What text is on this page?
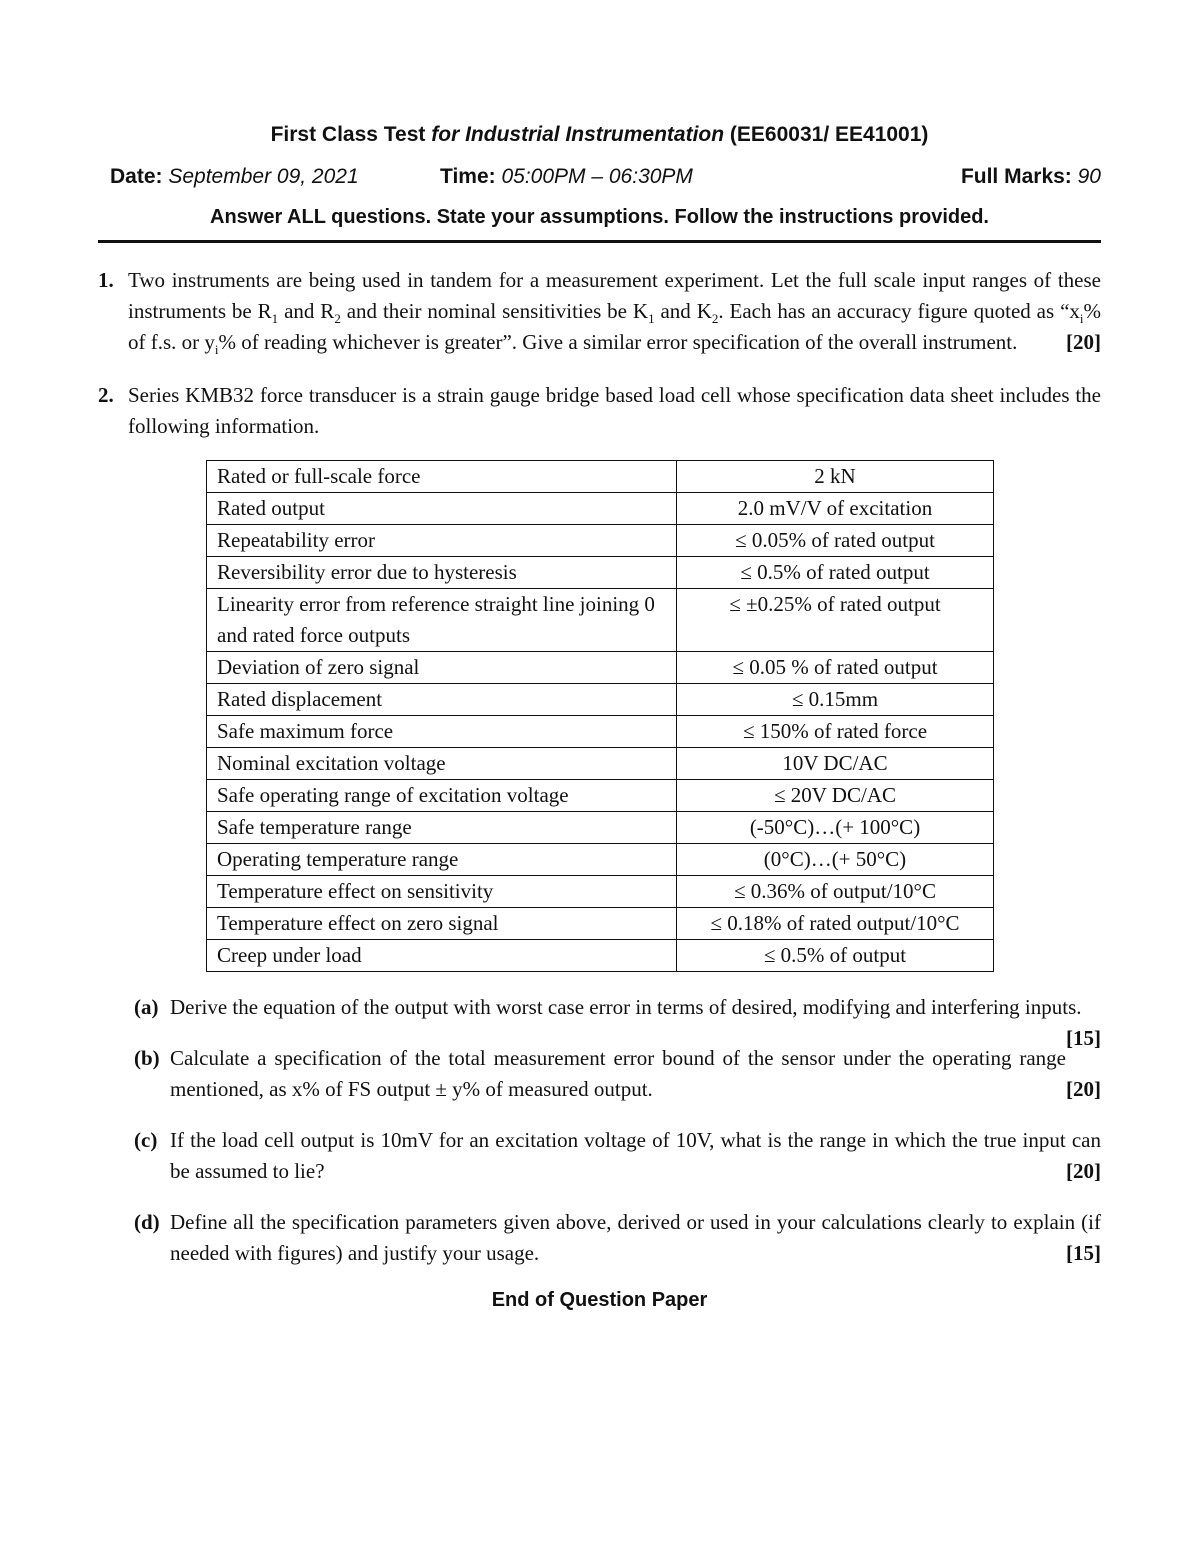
First Class Test for Industrial Instrumentation (EE60031/ EE41001)
Date: September 09, 2021	Time: 05:00PM – 06:30PM	Full Marks: 90
Answer ALL questions. State your assumptions. Follow the instructions provided.
1. Two instruments are being used in tandem for a measurement experiment. Let the full scale input ranges of these instruments be $R_1$ and $R_2$ and their nominal sensitivities be $K_1$ and $K_2$. Each has an accuracy figure quoted as “$x_i\%$ of f.s. or $y_i\%$ of reading whichever is greater”. Give a similar error specification of the overall instrument. [20]
2. Series KMB32 force transducer is a strain gauge bridge based load cell whose specification data sheet includes the following information.
Rated or full-scale force	2 kN
Rated output	2.0 mV/V of excitation
Repeatability error	≤ 0.05% of rated output
Reversibility error due to hysteresis	≤ 0.5% of rated output
Linearity error from reference straight line joining 0 and rated force outputs	≤ ±0.25% of rated output
Deviation of zero signal	≤ 0.05 % of rated output
Rated displacement	≤ 0.15mm
Safe maximum force	≤ 150% of rated force
Nominal excitation voltage	10V DC/AC
Safe operating range of excitation voltage	≤ 20V DC/AC
Safe temperature range	(-50°C)…(+ 100°C)
Operating temperature range	(0°C)…(+ 50°C)
Temperature effect on sensitivity	≤ 0.36% of output/10°C
Temperature effect on zero signal	≤ 0.18% of rated output/10°C
Creep under load	≤ 0.5% of output
(a) Derive the equation of the output with worst case error in terms of desired, modifying and interfering inputs.
[15]
(b) Calculate a specification of the total measurement error bound of the sensor under the operating range mentioned, as x% of FS output ± y% of measured output.	[20]
(c) If the load cell output is 10mV for an excitation voltage of 10V, what is the range in which the true input can be assumed to lie?	[20]
(d) Define all the specification parameters given above, derived or used in your calculations clearly to explain (if needed with figures) and justify your usage.	[15]
End of Question Paper
